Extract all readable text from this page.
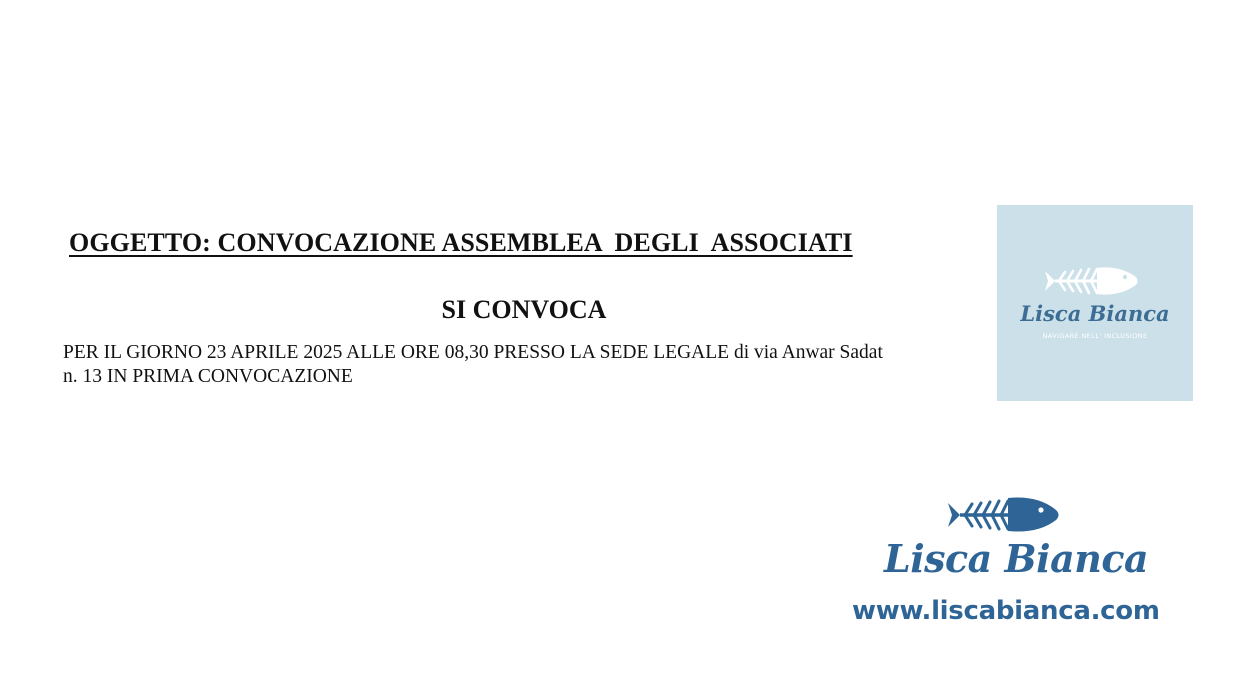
OGGETTO: CONVOCAZIONE ASSEMBLEA  DEGLI  ASSOCIATI
SI CONVOCA
PER IL GIORNO 23 APRILE 2025 ALLE ORE 08,30 PRESSO LA SEDE LEGALE di via Anwar Sadat
n. 13 IN PRIMA CONVOCAZIONE
Lisca Bianca
NAVIGARE NELL' INCLUSIONE
Lisca Bianca
www.liscabianca.com
